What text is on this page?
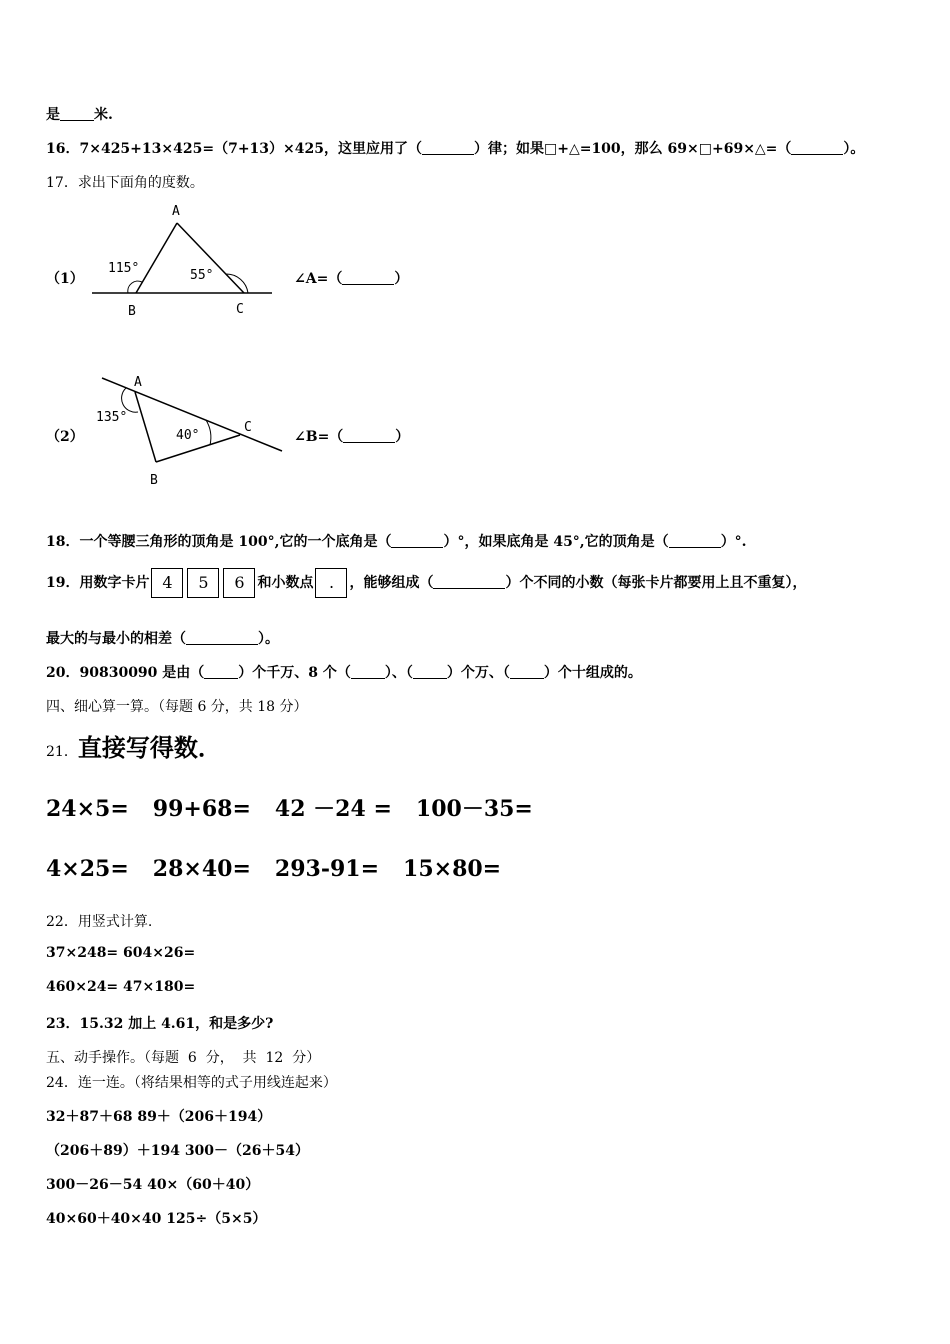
是 米.
16．7×425+13×425=（7+13）×425，这里应用了（	）律；如果□+△=100，那么 69×□+69×△=（	）。
17．求出下面角的度数。
（1）
A
B	C
115°	55°	∠A=（	）
（2）
A
B
C
135°
40°	∠B=（	）
18．一个等腰三角形的顶角是 100°,它的一个底角是（	）°，如果底角是 45°,它的顶角是（	）°.
19．用数字卡片 4 5 6 和小数点 . ，能够组成（	）个不同的小数（每张卡片都要用上且不重复），
最大的与最小的相差（	）。
20．90830090 是由（ ）个千万、8 个（ ）、（ ）个万、（ ）个十组成的。
四、细心算一算。（每题 6 分，共 18 分）
21．直接写得数．
24×5= 99+68= 42 －24 = 100－35=
4×25= 28×40= 293-91= 15×80=
22．用竖式计算.
37×248= 604×26=
460×24= 47×180=
23．15.32 加上 4.61，和是多少?
五、动手操作。（每题  6  分，  共  12  分）
24．连一连。（将结果相等的式子用线连起来）
32＋87＋68 89＋（206＋194）
（206＋89）＋194 300－（26＋54）
300－26－54 40×（60＋40）
40×60＋40×40 125÷（5×5）
